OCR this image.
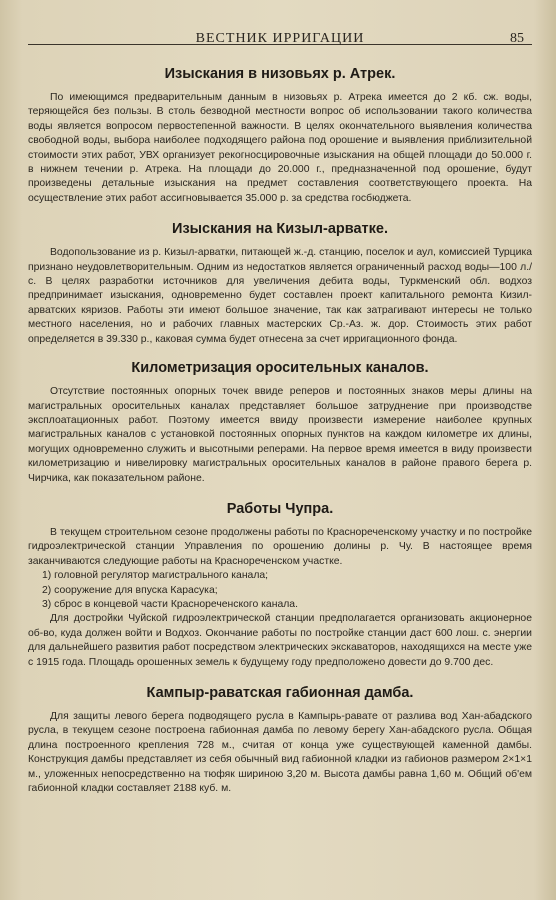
ВЕСТНИК ИРРИГАЦИИ	85
Изыскания в низовьях р. Атрек.

По имеющимся предварительным данным в низовьях р. Атрека имеется до 2 кб. сж. воды, теряющейся без пользы. В столь безводной местности вопрос об использовании такого количества воды является вопросом первостепенной важности. В целях окончательного выявления количества свободной воды, выбора наиболее подходящего района под орошение и выявления приблизительной стоимости этих работ, УВХ организует рекогносцировочные изыскания на общей площади до 50.000 г. в нижнем течении р. Атрека. На площади до 20.000 г., предназначенной под орошение, будут произведены детальные изыскания на предмет составления соответствующего проекта. На осуществление этих работ ассигновывается 35.000 р. за средства госбюджета.

Изыскания на Кизыл-арватке.

Водопользование из р. Кизыл-арватки, питающей ж.-д. станцию, поселок и аул, комиссией Турцика признано неудовлетворительным. Одним из недостатков является ограниченный расход воды—100 л./с. В целях разработки источников для увеличения дебита воды, Туркменский обл. водхоз предпринимает изыскания, одновременно будет составлен проект капитального ремонта Кизил-арватских кяризов. Работы эти имеют большое значение, так как затрагивают интересы не только местного населения, но и рабочих главных мастерских Ср.-Аз. ж. дор. Стоимость этих работ определяется в 39.330 р., каковая сумма будет отнесена за счет ирригационного фонда.

Километризация оросительных каналов.

Отсутствие постоянных опорных точек ввиде реперов и постоянных знаков меры длины на магистральных оросительных каналах представляет большое затруднение при производстве эксплоатационных работ. Поэтому имеется ввиду произвести измерение наиболее крупных магистральных каналов с установкой постоянных опорных пунктов на каждом километре их длины, могущих одновременно служить и высотными реперами. На первое время имеется в виду произвести километризацию и нивелировку магистральных оросительных каналов в районе правого берега р. Чирчика, как показательном районе.

Работы Чупра.

В текущем строительном сезоне продолжены работы по Краснореченскому участку и по постройке гидроэлектрической станции Управления по орошению долины р. Чу. В настоящее время заканчиваются следующие работы на Краснореченском участке.

1) головной регулятор магистрального канала;
2) сооружение для впуска Карасука;
3) сброс в концевой части Краснореченского канала.

Для достройки Чуйской гидроэлектрической станции предполагается организовать акционерное об-во, куда должен войти и Водхоз. Окончание работы по постройке станции даст 600 лош. с. энергии для дальнейшего развития работ посредством электрических экскаваторов, находящихся на месте уже с 1915 года. Площадь орошенных земель к будущему году предположено довести до 9.700 дес.

Кампыр-раватская габионная дамба.

Для защиты левого берега подводящего русла в Кампырь-равате от разлива вод Хан-абадского русла, в текущем сезоне построена габионная дамба по левому берегу Хан-абадского русла. Общая длина построенного крепления 728 м., считая от конца уже существующей каменной дамбы. Конструкция дамбы представляет из себя обычный вид габионной кладки из габионов размером 2×1×1 м., уложенных непосредственно на тюфяк шириною 3,20 м. Высота дамбы равна 1,60 м. Общий об'ем габионной кладки составляет 2188 куб. м.
